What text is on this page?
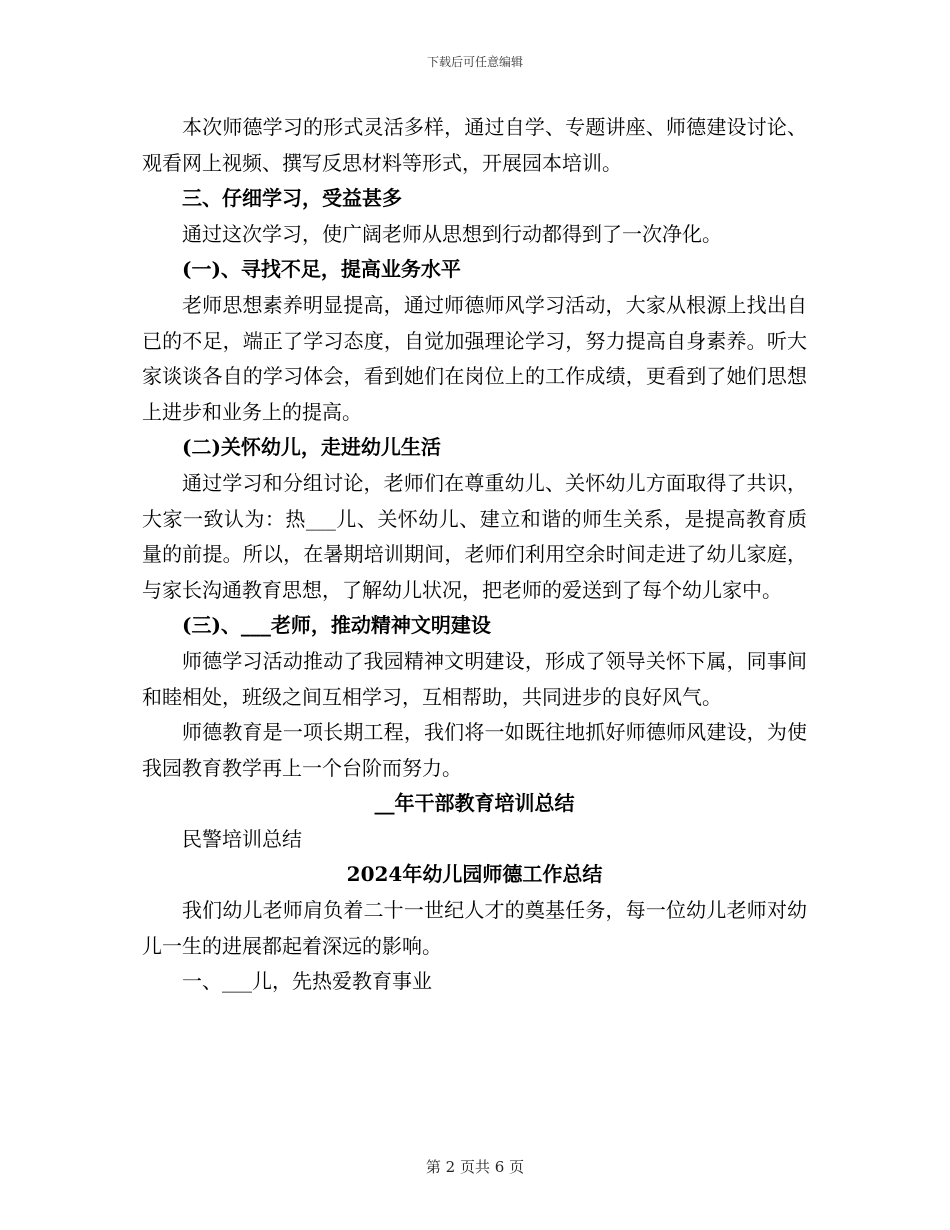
下载后可任意编辑

本次师德学习的形式灵活多样，通过自学、专题讲座、师德建设讨论、观看网上视频、撰写反思材料等形式，开展园本培训。

三、仔细学习，受益甚多

通过这次学习，使广阔老师从思想到行动都得到了一次净化。

(一)、寻找不足，提高业务水平

老师思想素养明显提高，通过师德师风学习活动，大家从根源上找出自已的不足，端正了学习态度，自觉加强理论学习，努力提高自身素养。听大家谈谈各自的学习体会，看到她们在岗位上的工作成绩，更看到了她们思想上进步和业务上的提高。

(二)关怀幼儿，走进幼儿生活

通过学习和分组讨论，老师们在尊重幼儿、关怀幼儿方面取得了共识，大家一致认为：热___儿、关怀幼儿、建立和谐的师生关系，是提高教育质量的前提。所以，在暑期培训期间，老师们利用空余时间走进了幼儿家庭，与家长沟通教育思想，了解幼儿状况，把老师的爱送到了每个幼儿家中。

(三)、___老师，推动精神文明建设

师德学习活动推动了我园精神文明建设，形成了领导关怀下属，同事间和睦相处，班级之间互相学习，互相帮助，共同进步的良好风气。

师德教育是一项长期工程，我们将一如既往地抓好师德师风建设，为使我园教育教学再上一个台阶而努力。

__年干部教育培训总结

民警培训总结

2024年幼儿园师德工作总结

我们幼儿老师肩负着二十一世纪人才的奠基任务，每一位幼儿老师对幼儿一生的进展都起着深远的影响。

一、___儿，先热爱教育事业

第 2 页共 6 页
